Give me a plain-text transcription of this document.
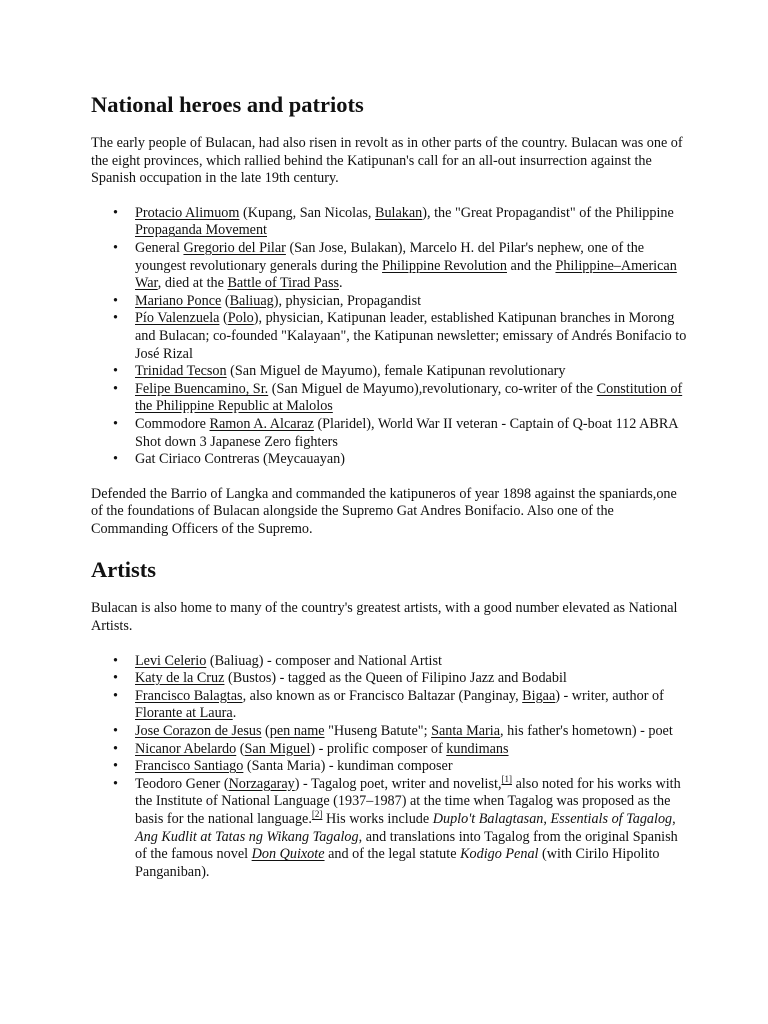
National heroes and patriots

The early people of Bulacan, had also risen in revolt as in other parts of the country. Bulacan was one of the eight provinces, which rallied behind the Katipunan's call for an all-out insurrection against the Spanish occupation in the late 19th century.

• Protacio Alimuom (Kupang, San Nicolas, Bulakan), the "Great Propagandist" of the Philippine Propaganda Movement
• General Gregorio del Pilar (San Jose, Bulakan), Marcelo H. del Pilar's nephew, one of the youngest revolutionary generals during the Philippine Revolution and the Philippine–American War, died at the Battle of Tirad Pass.
• Mariano Ponce (Baliuag), physician, Propagandist
• Pío Valenzuela (Polo), physician, Katipunan leader, established Katipunan branches in Morong and Bulacan; co-founded "Kalayaan", the Katipunan newsletter; emissary of Andrés Bonifacio to José Rizal
• Trinidad Tecson (San Miguel de Mayumo), female Katipunan revolutionary
• Felipe Buencamino, Sr. (San Miguel de Mayumo),revolutionary, co-writer of the Constitution of the Philippine Republic at Malolos
• Commodore Ramon A. Alcaraz (Plaridel), World War II veteran - Captain of Q-boat 112 ABRA Shot down 3 Japanese Zero fighters
• Gat Ciriaco Contreras (Meycauayan)

Defended the Barrio of Langka and commanded the katipuneros of year 1898 against the spaniards,one of the foundations of Bulacan alongside the Supremo Gat Andres Bonifacio. Also one of the Commanding Officers of the Supremo.

Artists

Bulacan is also home to many of the country's greatest artists, with a good number elevated as National Artists.

• Levi Celerio (Baliuag) - composer and National Artist
• Katy de la Cruz (Bustos) - tagged as the Queen of Filipino Jazz and Bodabil
• Francisco Balagtas, also known as or Francisco Baltazar (Panginay, Bigaa) - writer, author of Florante at Laura.
• Jose Corazon de Jesus (pen name "Huseng Batute"; Santa Maria, his father's hometown) - poet
• Nicanor Abelardo (San Miguel) - prolific composer of kundimans
• Francisco Santiago (Santa Maria) - kundiman composer
• Teodoro Gener (Norzagaray) - Tagalog poet, writer and novelist,[1] also noted for his works with the Institute of National Language (1937–1987) at the time when Tagalog was proposed as the basis for the national language.[2] His works include Duplo't Balagtasan, Essentials of Tagalog, Ang Kudlit at Tatas ng Wikang Tagalog, and translations into Tagalog from the original Spanish of the famous novel Don Quixote and of the legal statute Kodigo Penal (with Cirilo Hipolito Panganiban).
